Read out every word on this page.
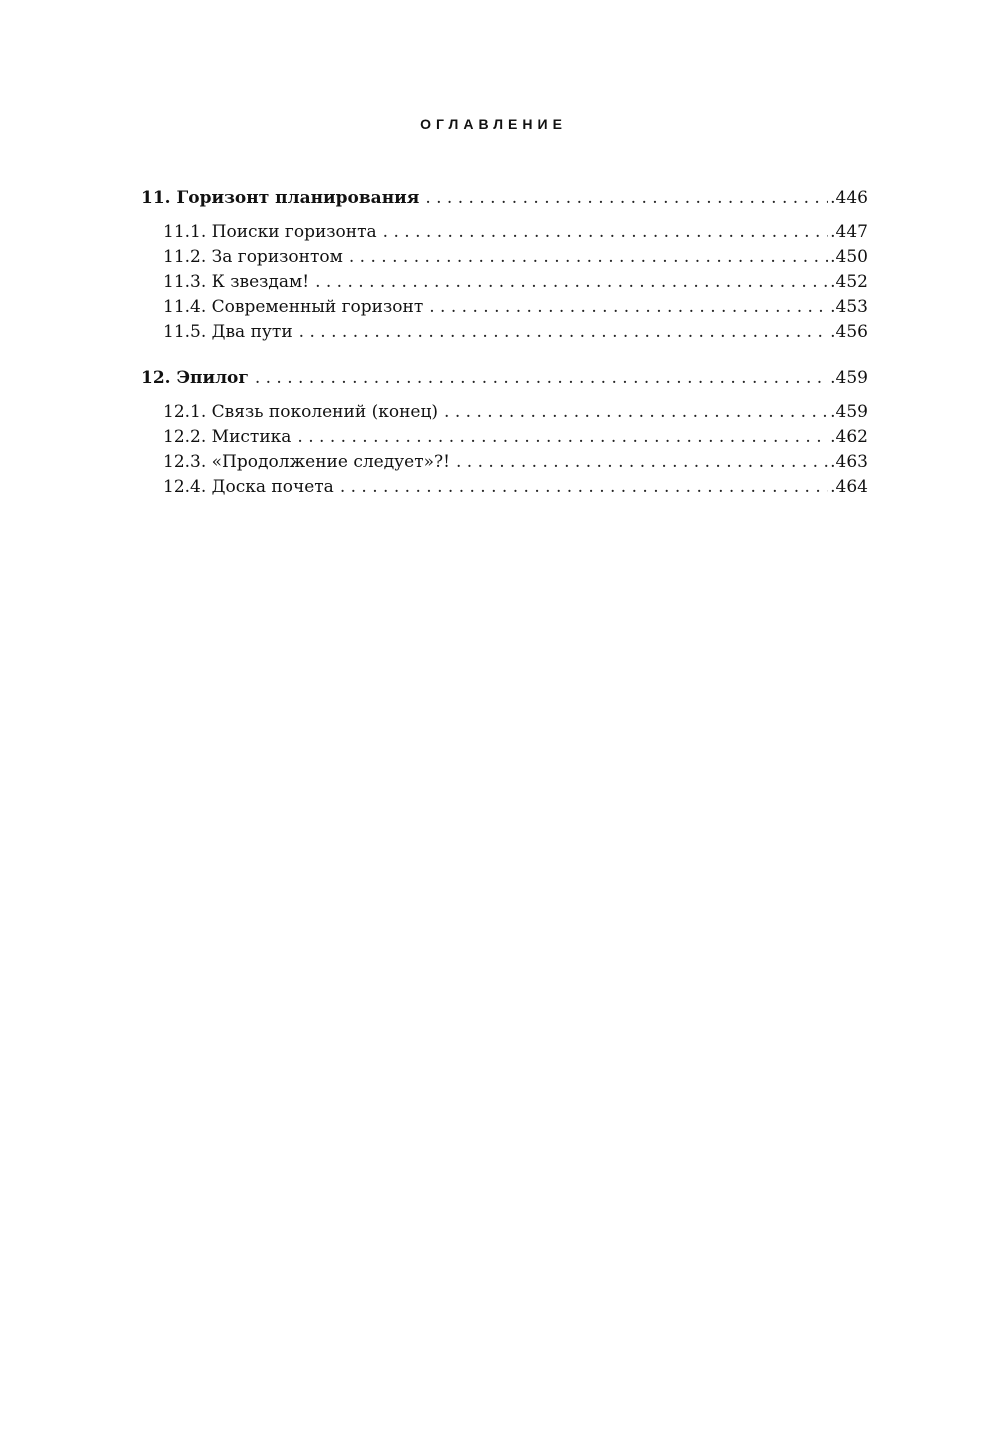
ОГЛАВЛЕНИЕ
11. Горизонт планирования . . .	.446
11.1. Поиски горизонта . . .	.447
11.2. За горизонтом . . .	.450
11.3. К звездам! . . .	.452
11.4. Современный горизонт . . .	.453
11.5. Два пути . . .	.456
12. Эпилог . . .	.459
12.1. Связь поколений (конец) . . .	.459
12.2. Мистика . . .	.462
12.3. «Продолжение следует»?! . . .	.463
12.4. Доска почета . . .	.464
